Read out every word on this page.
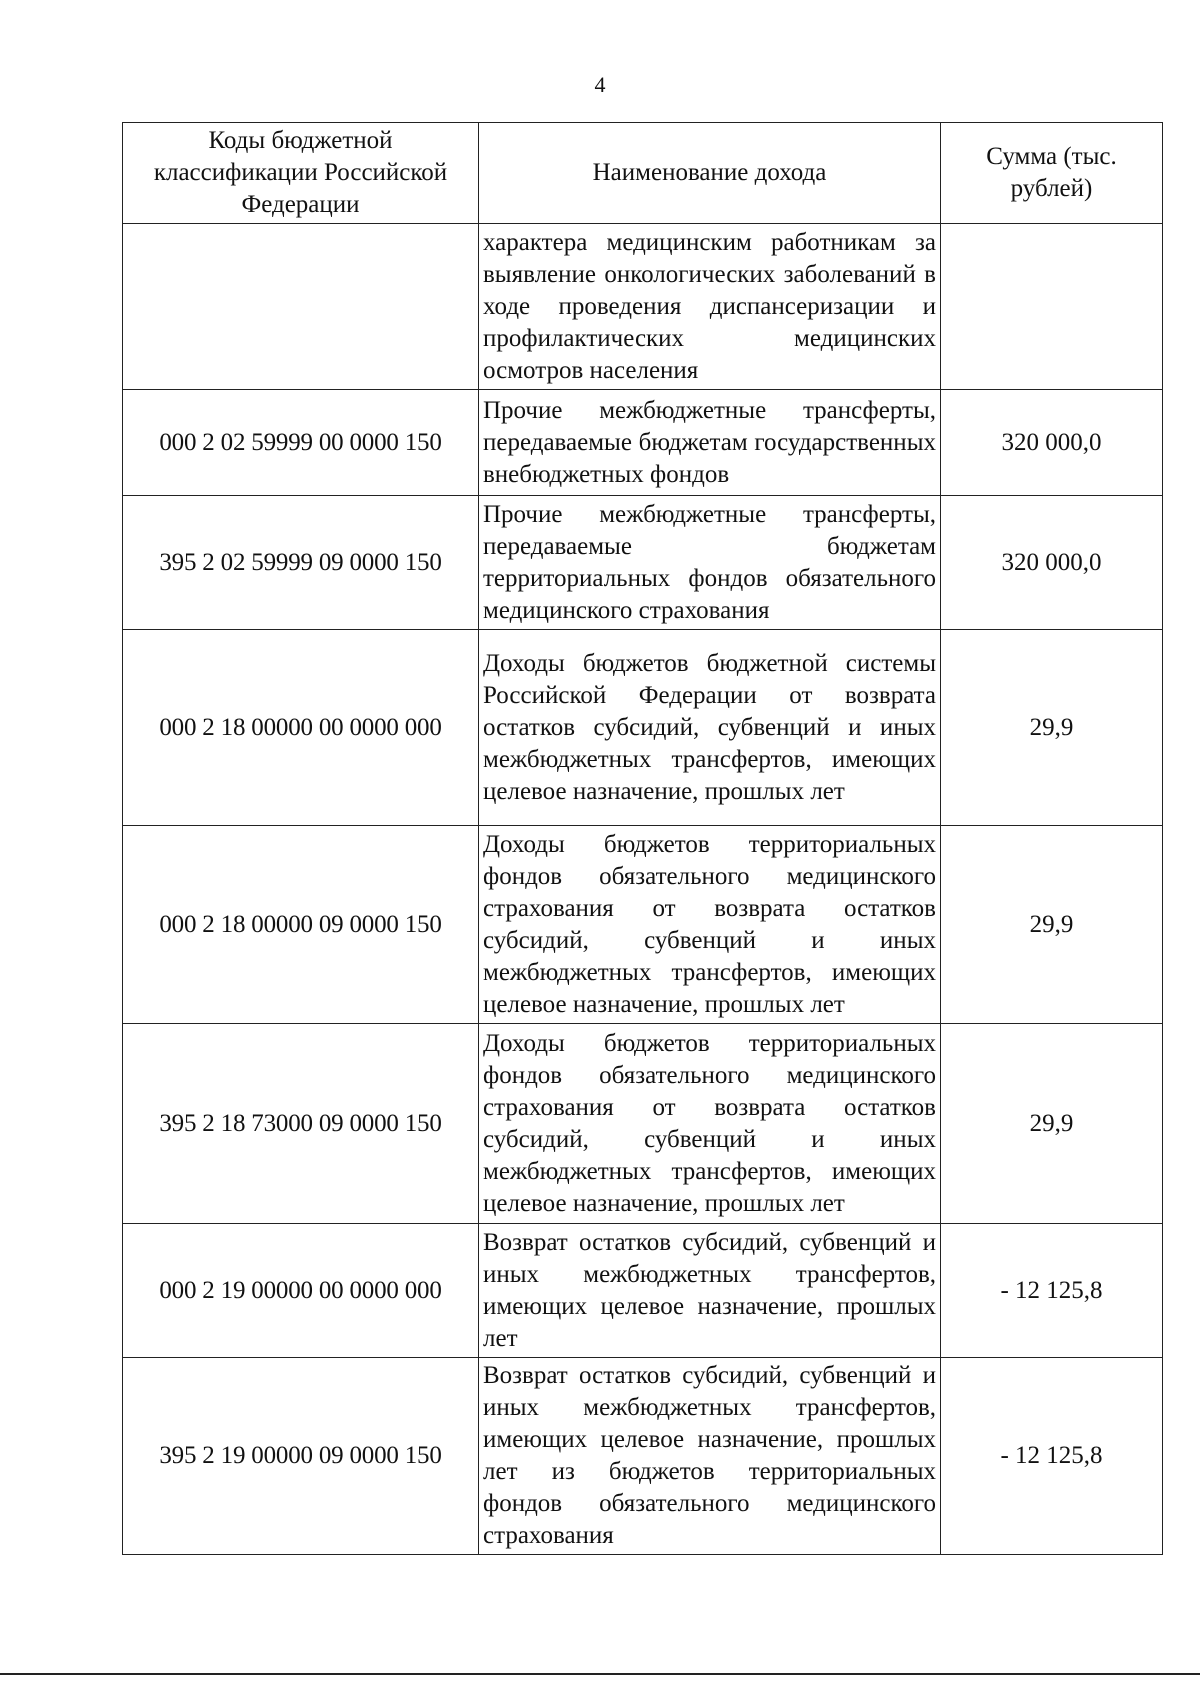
4
Коды бюджетной классификации Российской Федерации	Наименование дохода	Сумма (тыс. рублей)
	характера медицинским работникам за выявление онкологических заболеваний в ходе проведения диспансеризации и профилактических медицинских осмотров населения	
000 2 02 59999 00 0000 150	Прочие межбюджетные трансферты, передаваемые бюджетам государственных внебюджетных фондов	320 000,0
395 2 02 59999 09 0000 150	Прочие межбюджетные трансферты, передаваемые бюджетам территориальных фондов обязательного медицинского страхования	320 000,0
000 2 18 00000 00 0000 000	Доходы бюджетов бюджетной системы Российской Федерации от возврата остатков субсидий, субвенций и иных межбюджетных трансфертов, имеющих целевое назначение, прошлых лет	29,9
000 2 18 00000 09 0000 150	Доходы бюджетов территориальных фондов обязательного медицинского страхования от возврата остатков субсидий, субвенций и иных межбюджетных трансфертов, имеющих целевое назначение, прошлых лет	29,9
395 2 18 73000 09 0000 150	Доходы бюджетов территориальных фондов обязательного медицинского страхования от возврата остатков субсидий, субвенций и иных межбюджетных трансфертов, имеющих целевое назначение, прошлых лет	29,9
000 2 19 00000 00 0000 000	Возврат остатков субсидий, субвенций и иных межбюджетных трансфертов, имеющих целевое назначение, прошлых лет	- 12 125,8
395 2 19 00000 09 0000 150	Возврат остатков субсидий, субвенций и иных межбюджетных трансфертов, имеющих целевое назначение, прошлых лет из бюджетов территориальных фондов обязательного медицинского страхования	- 12 125,8
